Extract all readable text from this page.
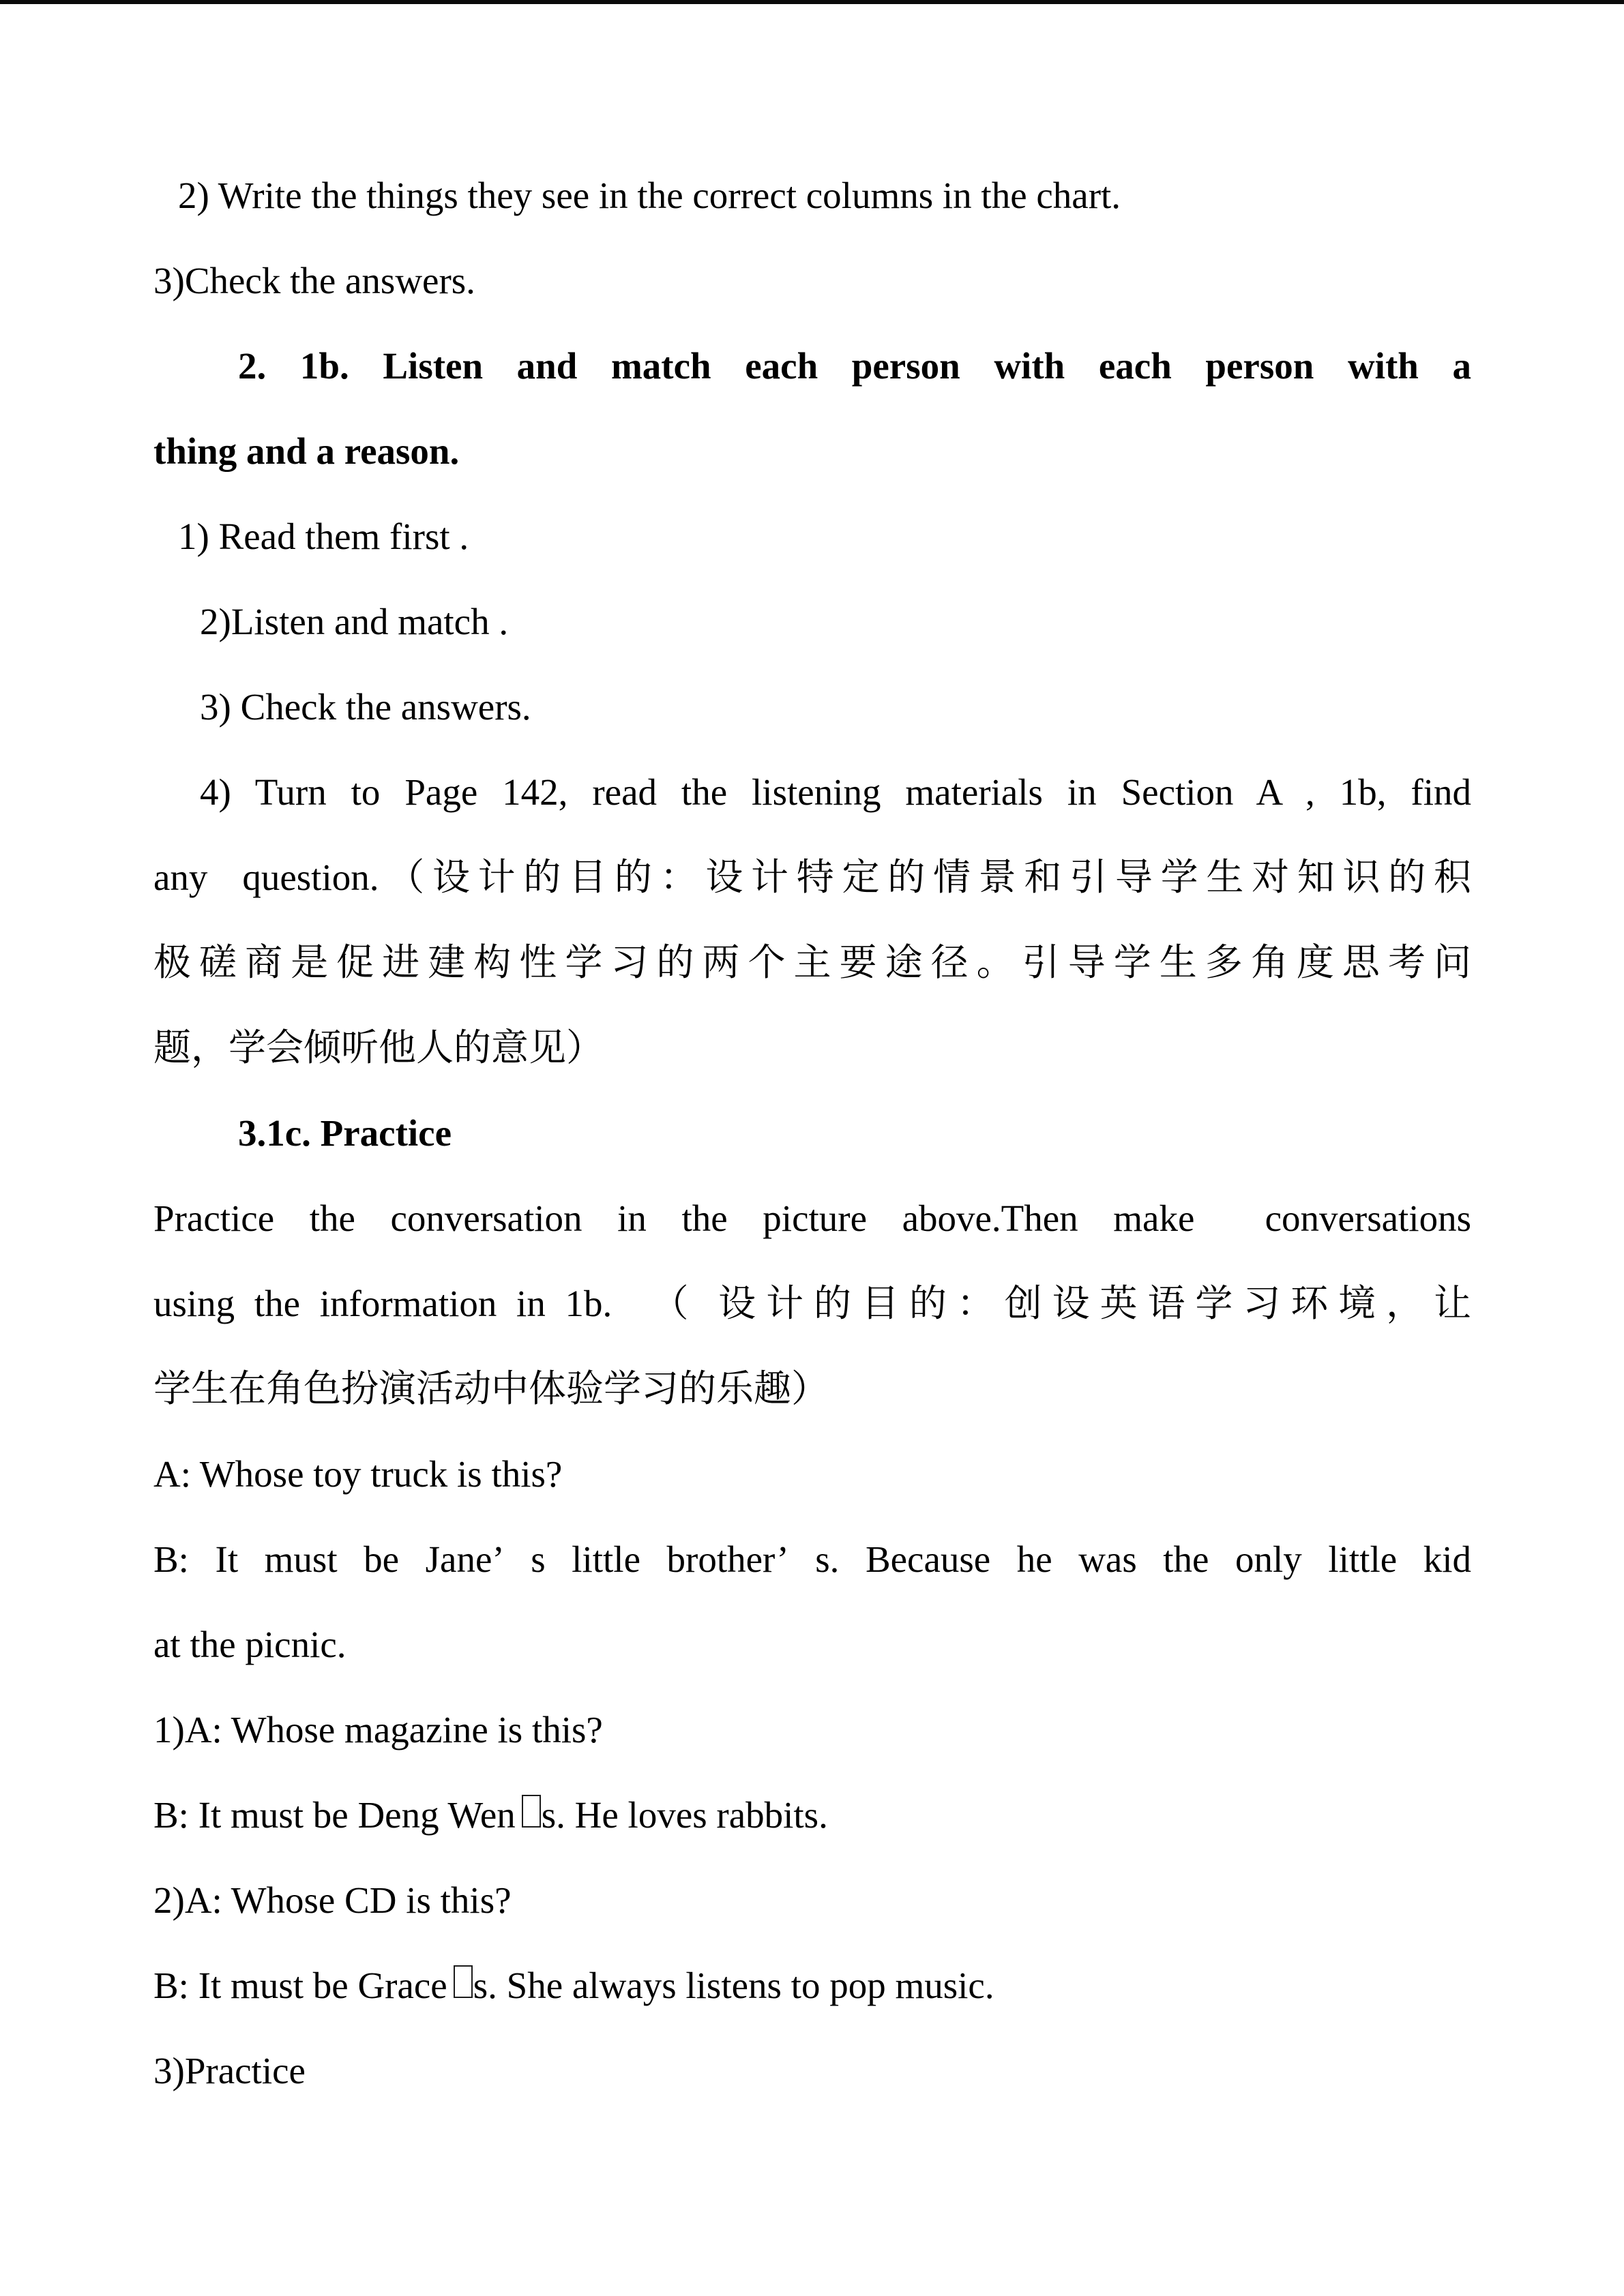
2) Write the things they see in the correct columns in the chart.
3)Check the answers.
2. 1b. Listen and match each person with each person with a
thing and a reason.
1) Read them first .
2)Listen and match .
3) Check the answers.
4) Turn to Page 142, read the listening materials in Section A , 1b, find
any  question.（设计的目的：设计特定的情景和引导学生对知识的积
极磋商是促进建构性学习的两个主要途径。引导学生多角度思考问
题，学会倾听他人的意见）
3.1c. Practice
Practice the conversation in the picture above.Then make  conversations
using the information in 1b.  （ 设计的目的：创设英语学习环境，让
学生在角色扮演活动中体验学习的乐趣）
A: Whose toy truck is this?
B: It must be Jane’ s little brother’ s. Because he was the only little kid
at the picnic.
1)A: Whose magazine is this?
B: It must be Deng Wen s. He loves rabbits.
2)A: Whose CD is this?
B: It must be Grace s. She always listens to pop music.
3)Practice
